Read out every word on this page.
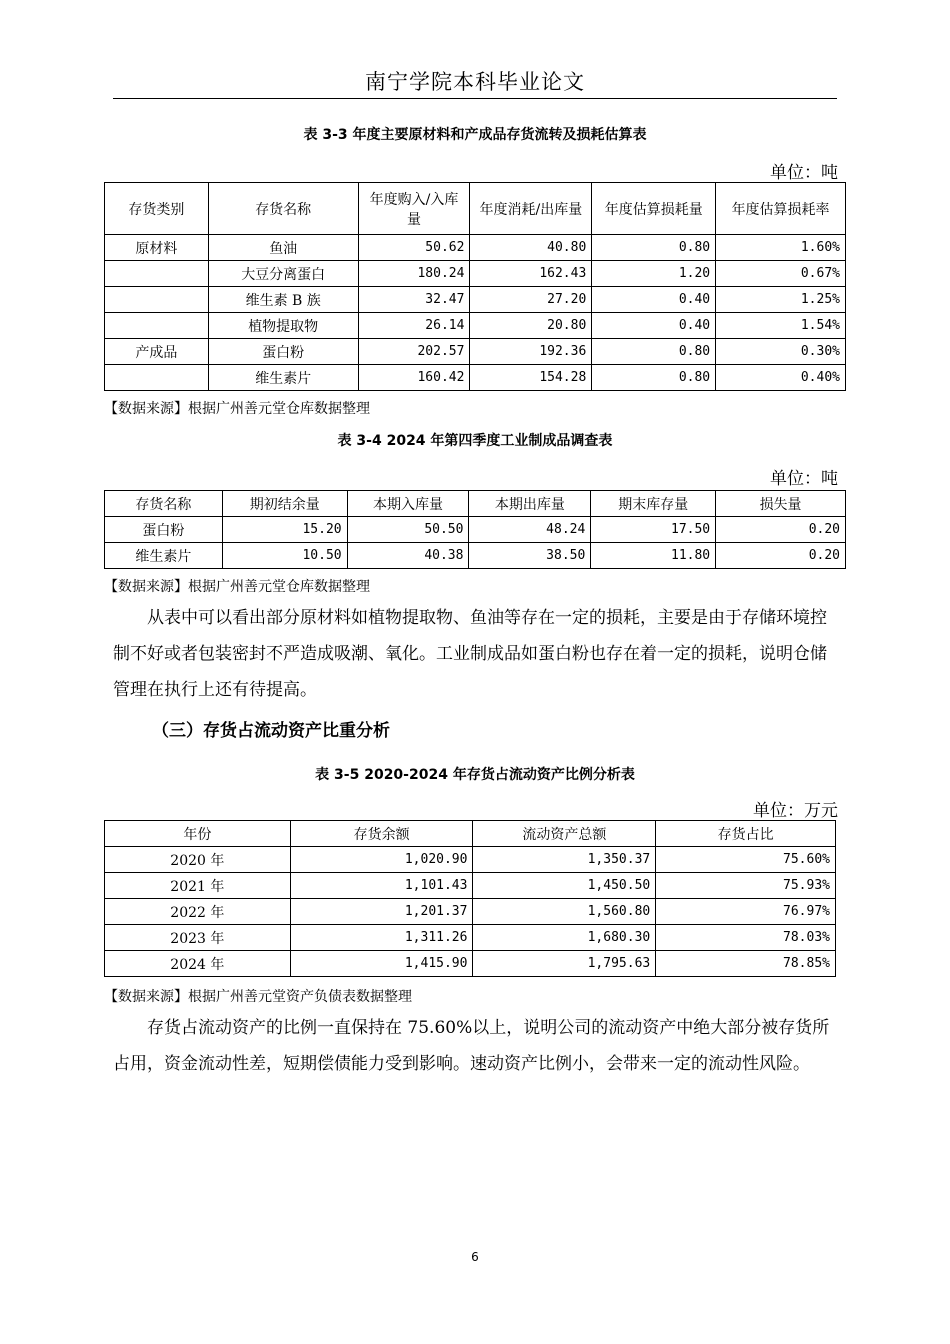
南宁学院本科毕业论文
表 3-3 年度主要原材料和产成品存货流转及损耗估算表
单位：吨
存货类别	存货名称	年度购入/入库量	年度消耗/出库量	年度估算损耗量	年度估算损耗率
原材料	鱼油	50.62	40.80	0.80	1.60%
	大豆分离蛋白	180.24	162.43	1.20	0.67%
	维生素 B 族	32.47	27.20	0.40	1.25%
	植物提取物	26.14	20.80	0.40	1.54%
产成品	蛋白粉	202.57	192.36	0.80	0.30%
	维生素片	160.42	154.28	0.80	0.40%
【数据来源】根据广州善元堂仓库数据整理
表 3-4 2024 年第四季度工业制成品调查表
单位：吨
存货名称	期初结余量	本期入库量	本期出库量	期末库存量	损失量
蛋白粉	15.20	50.50	48.24	17.50	0.20
维生素片	10.50	40.38	38.50	11.80	0.20
【数据来源】根据广州善元堂仓库数据整理
从表中可以看出部分原材料如植物提取物、鱼油等存在一定的损耗，主要是由于存储环境控制不好或者包装密封不严造成吸潮、氧化。工业制成品如蛋白粉也存在着一定的损耗，说明仓储管理在执行上还有待提高。
（三）存货占流动资产比重分析
表 3-5 2020-2024 年存货占流动资产比例分析表
单位：万元
年份	存货余额	流动资产总额	存货占比
2020 年	1,020.90	1,350.37	75.60%
2021 年	1,101.43	1,450.50	75.93%
2022 年	1,201.37	1,560.80	76.97%
2023 年	1,311.26	1,680.30	78.03%
2024 年	1,415.90	1,795.63	78.85%
【数据来源】根据广州善元堂资产负债表数据整理
存货占流动资产的比例一直保持在 75.60%以上，说明公司的流动资产中绝大部分被存货所占用，资金流动性差，短期偿债能力受到影响。速动资产比例小，会带来一定的流动性风险。
6
